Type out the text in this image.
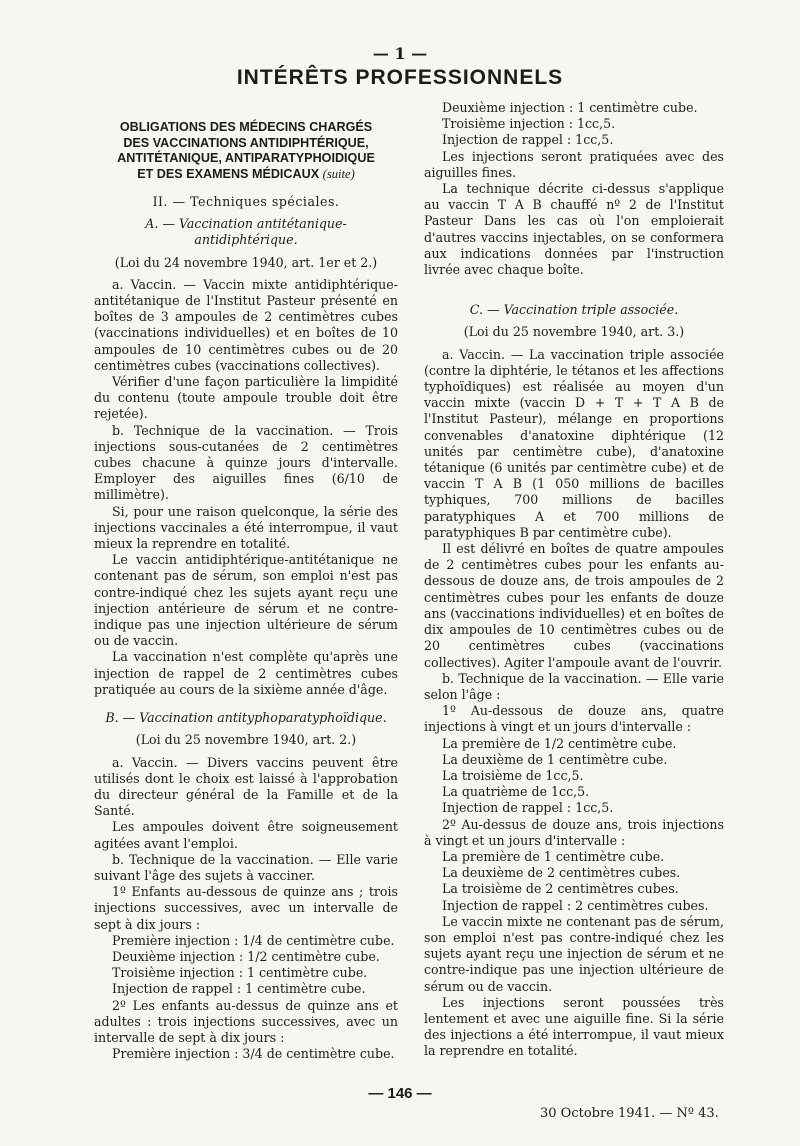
— 1 —
INTÉRÊTS PROFESSIONNELS
OBLIGATIONS DES MÉDECINS CHARGÉS
DES VACCINATIONS ANTIDIPHTÉRIQUE,
ANTITÉTANIQUE, ANTIPARATYPHOIDIQUE
ET DES EXAMENS MÉDICAUX (suite)

II. — Techniques spéciales.

A. — Vaccination antitétanique-antidiphtérique.

(Loi du 24 novembre 1940, art. 1er et 2.)

a. Vaccin. — Vaccin mixte antidiphtérique-antitétanique de l'Institut Pasteur présenté en boîtes de 3 ampoules de 2 centimètres cubes (vaccinations individuelles) et en boîtes de 10 ampoules de 10 centimètres cubes ou de 20 centimètres cubes (vaccinations collectives).

Vérifier d'une façon particulière la limpidité du contenu (toute ampoule trouble doit être rejetée).

b. Technique de la vaccination. — Trois injections sous-cutanées de 2 centimètres cubes chacune à quinze jours d'intervalle. Employer des aiguilles fines (6/10 de millimètre).

Si, pour une raison quelconque, la série des injections vaccinales a été interrompue, il vaut mieux la reprendre en totalité.

Le vaccin antidiphtérique-antitétanique ne contenant pas de sérum, son emploi n'est pas contre-indiqué chez les sujets ayant reçu une injection antérieure de sérum et ne contre-indique pas une injection ultérieure de sérum ou de vaccin.

La vaccination n'est complète qu'après une injection de rappel de 2 centimètres cubes pratiquée au cours de la sixième année d'âge.

B. — Vaccination antityphoparatyphoïdique.

(Loi du 25 novembre 1940, art. 2.)

a. Vaccin. — Divers vaccins peuvent être utilisés dont le choix est laissé à l'approbation du directeur général de la Famille et de la Santé.

Les ampoules doivent être soigneusement agitées avant l'emploi.

b. Technique de la vaccination. — Elle varie suivant l'âge des sujets à vacciner.

1º Enfants au-dessous de quinze ans ; trois injections successives, avec un intervalle de sept à dix jours :

Première injection : 1/4 de centimètre cube.

Deuxième injection : 1/2 centimètre cube.

Troisième injection : 1 centimètre cube.

Injection de rappel : 1 centimètre cube.

2º Les enfants au-dessus de quinze ans et adultes : trois injections successives, avec un intervalle de sept à dix jours :

Première injection : 3/4 de centimètre cube.

Deuxième injection : 1 centimètre cube.

Troisième injection : 1cc,5.

Injection de rappel : 1cc,5.

Les injections seront pratiquées avec des aiguilles fines.

La technique décrite ci-dessus s'applique au vaccin T A B chauffé nº 2 de l'Institut Pasteur Dans les cas où l'on emploierait d'autres vaccins injectables, on se conformera aux indications données par l'instruction livrée avec chaque boîte.

C. — Vaccination triple associée.

(Loi du 25 novembre 1940, art. 3.)

a. Vaccin. — La vaccination triple associée (contre la diphtérie, le tétanos et les affections typhoïdiques) est réalisée au moyen d'un vaccin mixte (vaccin D + T + T A B de l'Institut Pasteur), mélange en proportions convenables d'anatoxine diphtérique (12 unités par centimètre cube), d'anatoxine tétanique (6 unités par centimètre cube) et de vaccin T A B (1 050 millions de bacilles typhiques, 700 millions de bacilles paratyphiques A et 700 millions de paratyphiques B par centimètre cube).

Il est délivré en boîtes de quatre ampoules de 2 centimètres cubes pour les enfants au-dessous de douze ans, de trois ampoules de 2 centimètres cubes pour les enfants de douze ans (vaccinations individuelles) et en boîtes de dix ampoules de 10 centimètres cubes ou de 20 centimètres cubes (vaccinations collectives). Agiter l'ampoule avant de l'ouvrir.

b. Technique de la vaccination. — Elle varie selon l'âge :

1º Au-dessous de douze ans, quatre injections à vingt et un jours d'intervalle :

La première de 1/2 centimètre cube.

La deuxième de 1 centimètre cube.

La troisième de 1cc,5.

La quatrième de 1cc,5.

Injection de rappel : 1cc,5.

2º Au-dessus de douze ans, trois injections à vingt et un jours d'intervalle :

La première de 1 centimètre cube.

La deuxième de 2 centimètres cubes.

La troisième de 2 centimètres cubes.

Injection de rappel : 2 centimètres cubes.

Le vaccin mixte ne contenant pas de sérum, son emploi n'est pas contre-indiqué chez les sujets ayant reçu une injection de sérum et ne contre-indique pas une injection ultérieure de sérum ou de vaccin.

Les injections seront poussées très lentement et avec une aiguille fine. Si la série des injections a été interrompue, il vaut mieux la reprendre en totalité.

— 146 —
30 Octobre 1941. — Nº 43.
